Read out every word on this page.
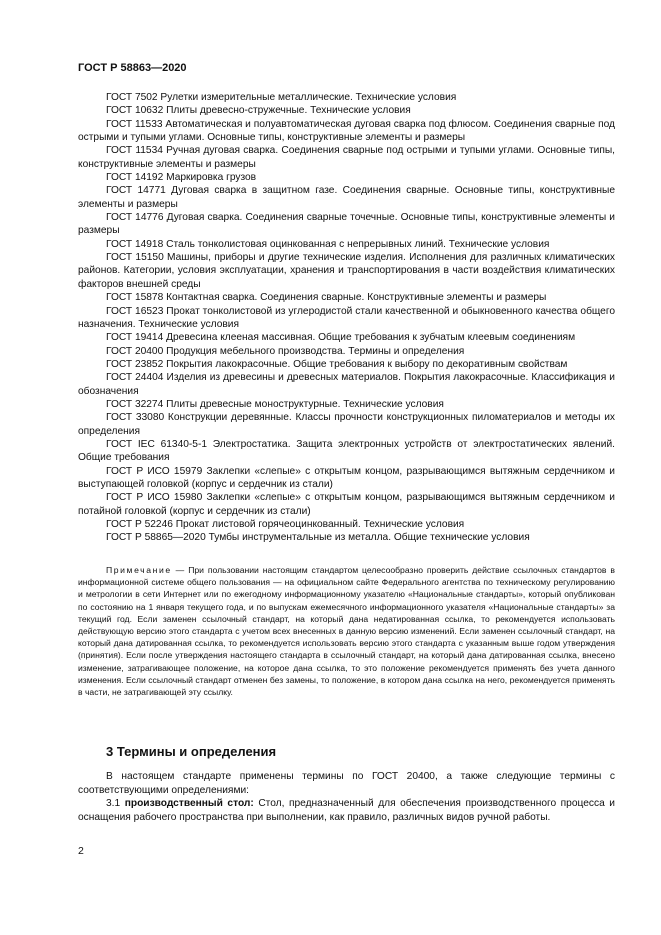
ГОСТ Р 58863—2020
ГОСТ 7502 Рулетки измерительные металлические. Технические условия
ГОСТ 10632 Плиты древесно-стружечные. Технические условия
ГОСТ 11533 Автоматическая и полуавтоматическая дуговая сварка под флюсом. Соединения сварные под острыми и тупыми углами. Основные типы, конструктивные элементы и размеры
ГОСТ 11534 Ручная дуговая сварка. Соединения сварные под острыми и тупыми углами. Основные типы, конструктивные элементы и размеры
ГОСТ 14192 Маркировка грузов
ГОСТ 14771 Дуговая сварка в защитном газе. Соединения сварные. Основные типы, конструктивные элементы и размеры
ГОСТ 14776 Дуговая сварка. Соединения сварные точечные. Основные типы, конструктивные элементы и размеры
ГОСТ 14918 Сталь тонколистовая оцинкованная с непрерывных линий. Технические условия
ГОСТ 15150 Машины, приборы и другие технические изделия. Исполнения для различных климатических районов. Категории, условия эксплуатации, хранения и транспортирования в части воздействия климатических факторов внешней среды
ГОСТ 15878 Контактная сварка. Соединения сварные. Конструктивные элементы и размеры
ГОСТ 16523 Прокат тонколистовой из углеродистой стали качественной и обыкновенного качества общего назначения. Технические условия
ГОСТ 19414 Древесина клееная массивная. Общие требования к зубчатым клеевым соединениям
ГОСТ 20400 Продукция мебельного производства. Термины и определения
ГОСТ 23852 Покрытия лакокрасочные. Общие требования к выбору по декоративным свойствам
ГОСТ 24404 Изделия из древесины и древесных материалов. Покрытия лакокрасочные. Классификация и обозначения
ГОСТ 32274 Плиты древесные моноструктурные. Технические условия
ГОСТ 33080 Конструкции деревянные. Классы прочности конструкционных пиломатериалов и методы их определения
ГОСТ IEC 61340-5-1 Электростатика. Защита электронных устройств от электростатических явлений. Общие требования
ГОСТ Р ИСО 15979 Заклепки «слепые» с открытым концом, разрывающимся вытяжным сердечником и выступающей головкой (корпус и сердечник из стали)
ГОСТ Р ИСО 15980 Заклепки «слепые» с открытым концом, разрывающимся вытяжным сердечником и потайной головкой (корпус и сердечник из стали)
ГОСТ Р 52246 Прокат листовой горячеоцинкованный. Технические условия
ГОСТ Р 58865—2020 Тумбы инструментальные из металла. Общие технические условия
Примечание — При пользовании настоящим стандартом целесообразно проверить действие ссылочных стандартов в информационной системе общего пользования — на официальном сайте Федерального агентства по техническому регулированию и метрологии в сети Интернет или по ежегодному информационному указателю «Национальные стандарты», который опубликован по состоянию на 1 января текущего года, и по выпускам ежемесячного информационного указателя «Национальные стандарты» за текущий год. Если заменен ссылочный стандарт, на который дана недатированная ссылка, то рекомендуется использовать действующую версию этого стандарта с учетом всех внесенных в данную версию изменений. Если заменен ссылочный стандарт, на который дана датированная ссылка, то рекомендуется использовать версию этого стандарта с указанным выше годом утверждения (принятия). Если после утверждения настоящего стандарта в ссылочный стандарт, на который дана датированная ссылка, внесено изменение, затрагивающее положение, на которое дана ссылка, то это положение рекомендуется применять без учета данного изменения. Если ссылочный стандарт отменен без замены, то положение, в котором дана ссылка на него, рекомендуется применять в части, не затрагивающей эту ссылку.
3 Термины и определения
В настоящем стандарте применены термины по ГОСТ 20400, а также следующие термины с соответствующими определениями:
3.1 производственный стол: Стол, предназначенный для обеспечения производственного процесса и оснащения рабочего пространства при выполнении, как правило, различных видов ручной работы.
2
